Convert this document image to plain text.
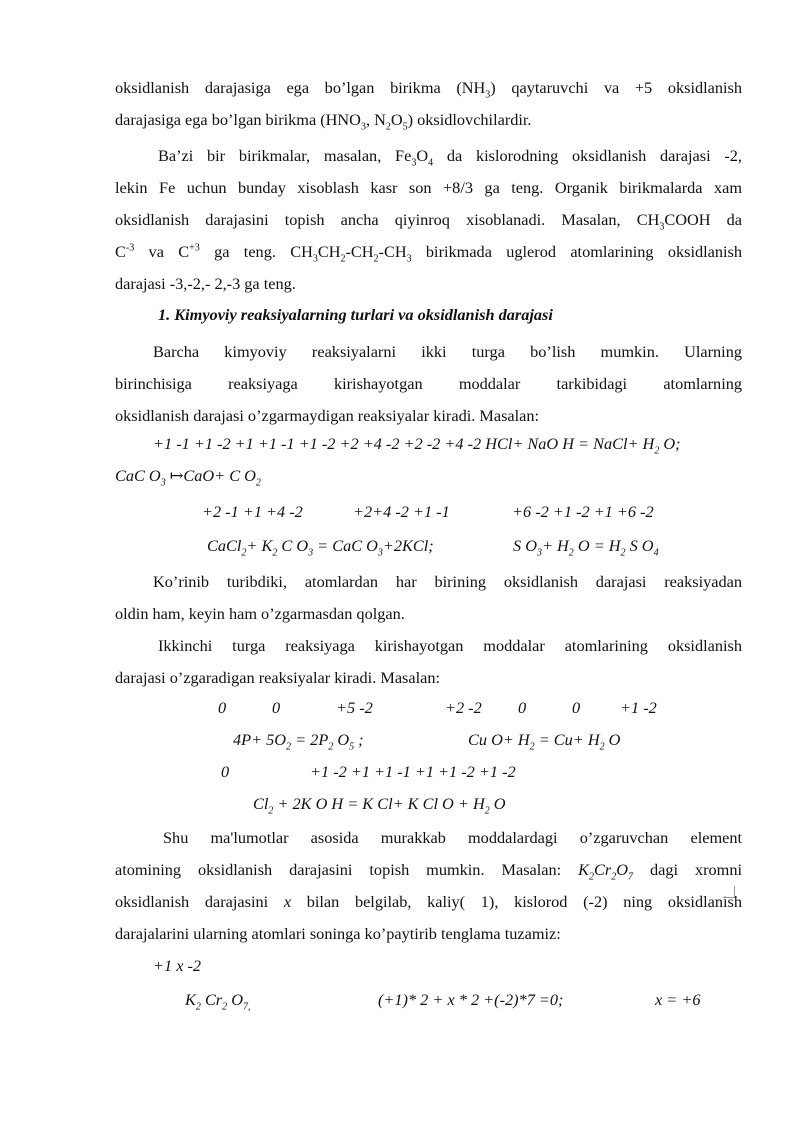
oksidlanish darajasiga ega bo’lgan birikma $(NH_3)$ qaytaruvchi va +5 oksidlanish

darajasiga ega bo’lgan birikma ($HNO_3$, $N_2O_5$) oksidlovchilardir.

Ba’zi bir birikmalar, masalan, $Fe_3O_4$ da kislorodning oksidlanish darajasi -2,

lekin Fe uchun bunday xisoblash kasr son +8/3 ga teng. Organik birikmalarda xam

oksidlanish darajasini topish ancha qiyinroq xisoblanadi. Masalan, $CH_3COOH$ da

$C^{-3}$ va $C^{+3}$ ga teng. $CH_3CH_2-CH_2-CH_3$ birikmada uglerod atomlarining oksidlanish

darajasi -3,-2,- 2,-3 ga teng.

1. Kimyoviy reaksiyalarning turlari va oksidlanish darajasi

Barcha kimyoviy reaksiyalarni ikki turga bo’lish mumkin. Ularning

birinchisiga reaksiyaga kirishayotgan moddalar tarkibidagi atomlarning

oksidlanish darajasi o’zgarmaydigan reaksiyalar kiradi. Masalan:

+1 -1 +1 -2 +1 +1 -1 +1 -2 +2 +4 -2 +2 -2 +4 -2 HCl+ NaO H = NaCl+ $H_2$ O;
CaC $O_3$ ↦CaO+ C $O_2$
+2 -1 +1 +4 -2	+2+4 -2 +1 -1	+6 -2 +1 -2 +1 +6 -2
CaCl$_2$+ $K_2$ C $O_3$ = CaC $O_3+2KCl$;	S $O_3+ H_2$ $O = H_2$ S $O_4$

Ko’rinib turibdiki, atomlardan har birining oksidlanish darajasi reaksiyadan

oldin ham, keyin ham o’zgarmasdan qolgan.

Ikkinchi turga reaksiyaga kirishayotgan moddalar atomlarining oksidlanish

darajasi o’zgaradigan reaksiyalar kiradi. Masalan:

0	0	+5 -2	+2 -2 0	0 +1 -2
$4P+ 5O_2 = 2P_2$ $O_5$ ;	Cu $O+ H_2 = Cu+ H_2$ O
0	+1 -2 +1 +1 -1 +1 +1 -2 +1 -2
$Cl_2 + 2K$ O H = K Cl+ K Cl $O + H_2$ O

Shu ma'lumotlar asosida murakkab moddalardagi o’zgaruvchan element

atomining oksidlanish darajasini topish mumkin. Masalan: $K_2Cr_2O_7$ dagi xromni

oksidlanish darajasini x bilan belgilab, kaliy( 1), kislorod (-2) ning oksidlanish

darajalarini ularning atomlari soninga ko’paytirib tenglama tuzamiz:

+1 x -2
$K_2$ $Cr_2$ $O_{7,}$	(+1)* 2 + x * 2 +(-2)*7 =0;	x = +6
